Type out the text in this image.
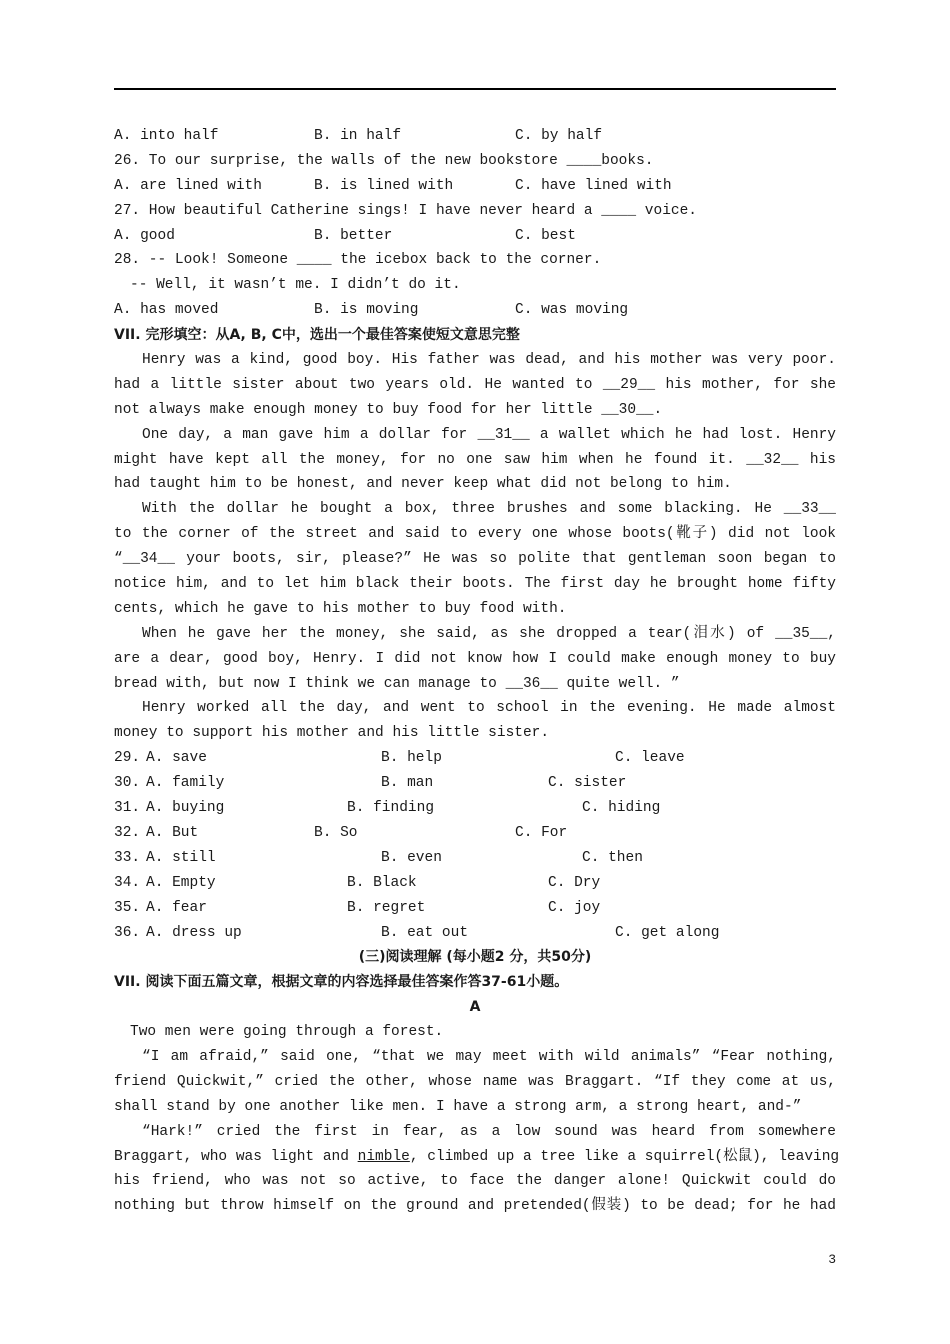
A. into half	B. in half	C. by half
26. To our surprise, the walls of the new bookstore ____books.
A. are lined with	B. is lined with	C. have lined with
27. How beautiful Catherine sings! I have never heard a ____ voice.
A. good	B. better	C. best
28. -- Look! Someone ____ the icebox back to the corner.
-- Well, it wasn’t me. I didn’t do it.
A. has moved	B. is moving	C. was moving
VII. 完形填空：从A, B, C中，选出一个最佳答案使短文意思完整
Henry was a kind, good boy. His father was dead, and his mother was very poor.
had a little sister about two years old. He wanted to __29__ his mother, for she
not always make enough money to buy food for her little __30__.
One day, a man gave him a dollar for __31__ a wallet which he had lost. Henry
might have kept all the money, for no one saw him when he found it. __32__ his
had taught him to be honest, and never keep what did not belong to him.
With the dollar he bought a box, three brushes and some blacking. He __33__
to the corner of the street and said to every one whose boots(靴子) did not look
“__34__ your boots, sir, please?” He was so polite that gentleman soon began to
notice him, and to let him black their boots. The first day he brought home fifty
cents, which he gave to his mother to buy food with.
When he gave her the money, she said, as she dropped a tear(泪水) of __35__,
are a dear, good boy, Henry. I did not know how I could make enough money to buy
bread with, but now I think we can manage to __36__ quite well. ”
Henry worked all the day, and went to school in the evening. He made almost
money to support his mother and his little sister.
29. A. save	B. help	C. leave
30. A. family	B. man	C. sister
31. A. buying	B. finding	C. hiding
32. A. But	B. So	C. For
33. A. still	B. even	C. then
34. A. Empty	B. Black	C. Dry
35. A. fear	B. regret	C. joy
36. A. dress up	B. eat out	C. get along
(三)阅读理解 (每小题2 分，共50分)
VII. 阅读下面五篇文章，根据文章的内容选择最佳答案作答37-61小题。
A
Two men were going through a forest.
“I am afraid,” said one, “that we may meet with wild animals” “Fear nothing,
friend Quickwit,” cried the other, whose name was Braggart. “If they come at us,
shall stand by one another like men. I have a strong arm, a strong heart, and-”
“Hark!” cried the first in fear, as a low sound was heard from somewhere
Braggart, who was light and nimble, climbed up a tree like a squirrel(松鼠), leaving
his friend, who was not so active, to face the danger alone! Quickwit could do
nothing but throw himself on the ground and pretended(假装) to be dead; for he had
3
